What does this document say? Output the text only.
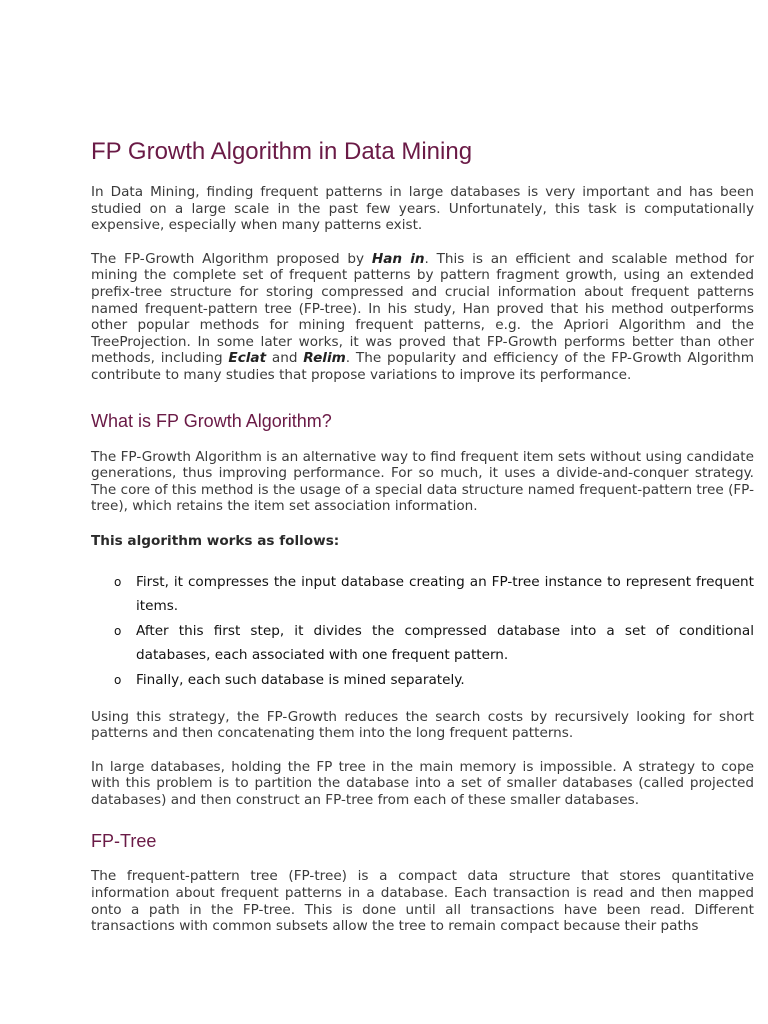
FP Growth Algorithm in Data Mining

In Data Mining, finding frequent patterns in large databases is very important and has been studied on a large scale in the past few years. Unfortunately, this task is computationally expensive, especially when many patterns exist.

The FP-Growth Algorithm proposed by Han in. This is an efficient and scalable method for mining the complete set of frequent patterns by pattern fragment growth, using an extended prefix-tree structure for storing compressed and crucial information about frequent patterns named frequent-pattern tree (FP-tree). In his study, Han proved that his method outperforms other popular methods for mining frequent patterns, e.g. the Apriori Algorithm and the TreeProjection. In some later works, it was proved that FP-Growth performs better than other methods, including Eclat and Relim. The popularity and efficiency of the FP-Growth Algorithm contribute to many studies that propose variations to improve its performance.

What is FP Growth Algorithm?

The FP-Growth Algorithm is an alternative way to find frequent item sets without using candidate generations, thus improving performance. For so much, it uses a divide-and-conquer strategy. The core of this method is the usage of a special data structure named frequent-pattern tree (FP-tree), which retains the item set association information.

This algorithm works as follows:

o First, it compresses the input database creating an FP-tree instance to represent frequent items.
o After this first step, it divides the compressed database into a set of conditional databases, each associated with one frequent pattern.
o Finally, each such database is mined separately.

Using this strategy, the FP-Growth reduces the search costs by recursively looking for short patterns and then concatenating them into the long frequent patterns.

In large databases, holding the FP tree in the main memory is impossible. A strategy to cope with this problem is to partition the database into a set of smaller databases (called projected databases) and then construct an FP-tree from each of these smaller databases.

FP-Tree

The frequent-pattern tree (FP-tree) is a compact data structure that stores quantitative information about frequent patterns in a database. Each transaction is read and then mapped onto a path in the FP-tree. This is done until all transactions have been read. Different transactions with common subsets allow the tree to remain compact because their paths
